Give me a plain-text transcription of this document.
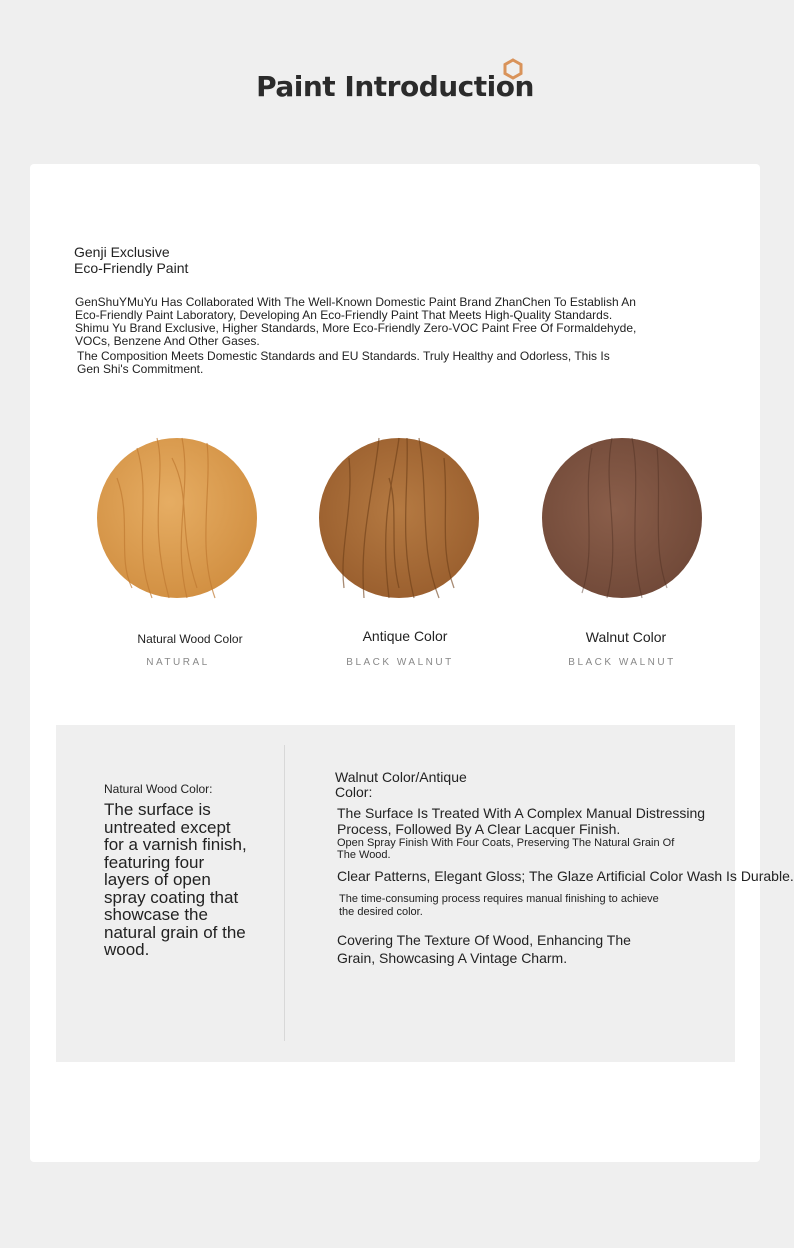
Paint Introduction
Genji Exclusive
Eco-Friendly Paint
GenShuYMuYu Has Collaborated With The Well-Known Domestic Paint Brand ZhanChen To Establish An Eco-Friendly Paint Laboratory, Developing An Eco-Friendly Paint That Meets High-Quality Standards.
Shimu Yu Brand Exclusive, Higher Standards, More Eco-Friendly Zero-VOC Paint Free Of Formaldehyde, VOCs, Benzene And Other Gases.
The Composition Meets Domestic Standards and EU Standards. Truly Healthy and Odorless, This Is Gen Shi's Commitment.
Natural Wood Color	Antique Color	Walnut Color
NATURAL	BLACK WALNUT	BLACK WALNUT
Natural Wood Color:
The surface is untreated except for a varnish finish, featuring four layers of open spray coating that showcase the natural grain of the wood.
Walnut Color/Antique Color:
The Surface Is Treated With A Complex Manual Distressing Process, Followed By A Clear Lacquer Finish.
Open Spray Finish With Four Coats, Preserving The Natural Grain Of The Wood.
Clear Patterns, Elegant Gloss; The Glaze Artificial Color Wash Is Durable.
The time-consuming process requires manual finishing to achieve the desired color.
Covering The Texture Of Wood, Enhancing The Grain, Showcasing A Vintage Charm.
